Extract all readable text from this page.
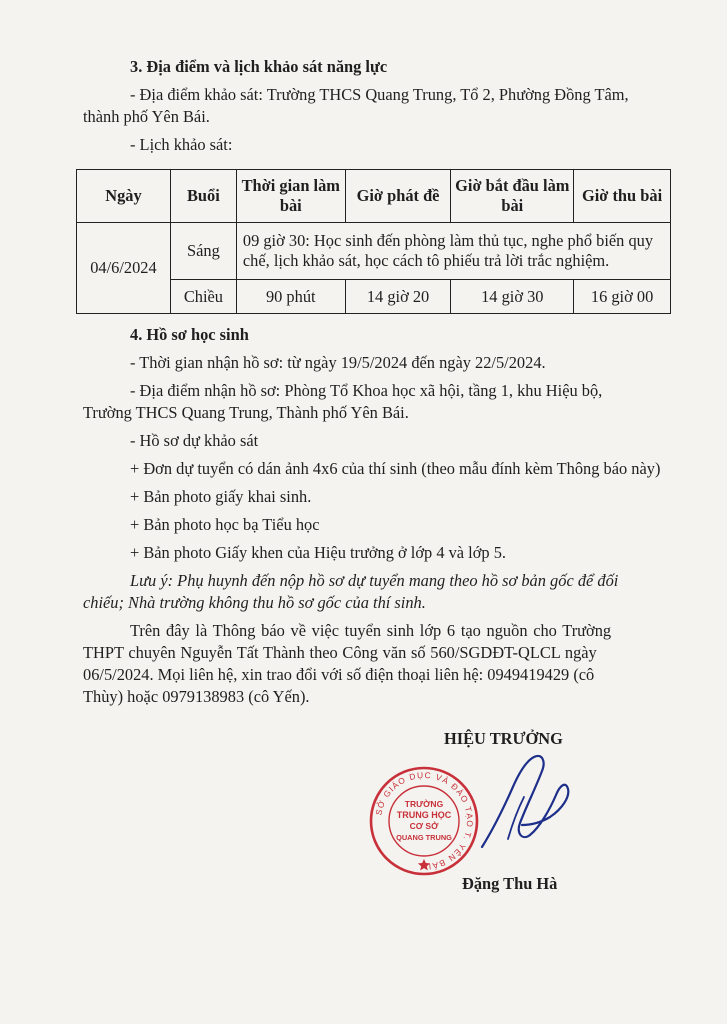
3. Địa điểm và lịch khảo sát năng lực
- Địa điểm khảo sát: Trường THCS Quang Trung, Tổ 2, Phường Đồng Tâm,
thành phố Yên Bái.
- Lịch khảo sát:
Ngày	Buổi	Thời gian làm bài	Giờ phát đề	Giờ bắt đầu làm bài	Giờ thu bài
04/6/2024	Sáng	09 giờ 30: Học sinh đến phòng làm thủ tục, nghe phổ biến quy chế, lịch khảo sát, học cách tô phiếu trả lời trắc nghiệm.			
	Chiều	90 phút	14 giờ 20	14 giờ 30	16 giờ 00
4. Hồ sơ học sinh
- Thời gian nhận hồ sơ: từ ngày 19/5/2024 đến ngày 22/5/2024.
- Địa điểm nhận hồ sơ: Phòng Tổ Khoa học xã hội, tầng 1, khu Hiệu bộ,
Trường THCS Quang Trung, Thành phố Yên Bái.
- Hồ sơ dự khảo sát
+ Đơn dự tuyển có dán ảnh 4x6 của thí sinh (theo mẫu đính kèm Thông báo này)
+ Bản photo giấy khai sinh.
+ Bản photo học bạ Tiểu học
+ Bản photo Giấy khen của Hiệu trưởng ở lớp 4 và lớp 5.
Lưu ý: Phụ huynh đến nộp hồ sơ dự tuyển mang theo hồ sơ bản gốc để đối
chiếu; Nhà trường không thu hồ sơ gốc của thí sinh.
Trên đây là Thông báo về việc tuyển sinh lớp 6 tạo nguồn cho Trường
THPT chuyên Nguyễn Tất Thành theo Công văn số 560/SGDĐT-QLCL ngày
06/5/2024. Mọi liên hệ, xin trao đổi với số điện thoại liên hệ: 0949419429 (cô
Thùy) hoặc 0979138983 (cô Yến).
HIỆU TRƯỞNG
SỞ GIÁO DỤC VÀ ĐÀO TẠO T. YÊN BÁI
TRƯỜNG
TRUNG HỌC
CƠ SỞ
QUANG TRUNG
Đặng Thu Hà
